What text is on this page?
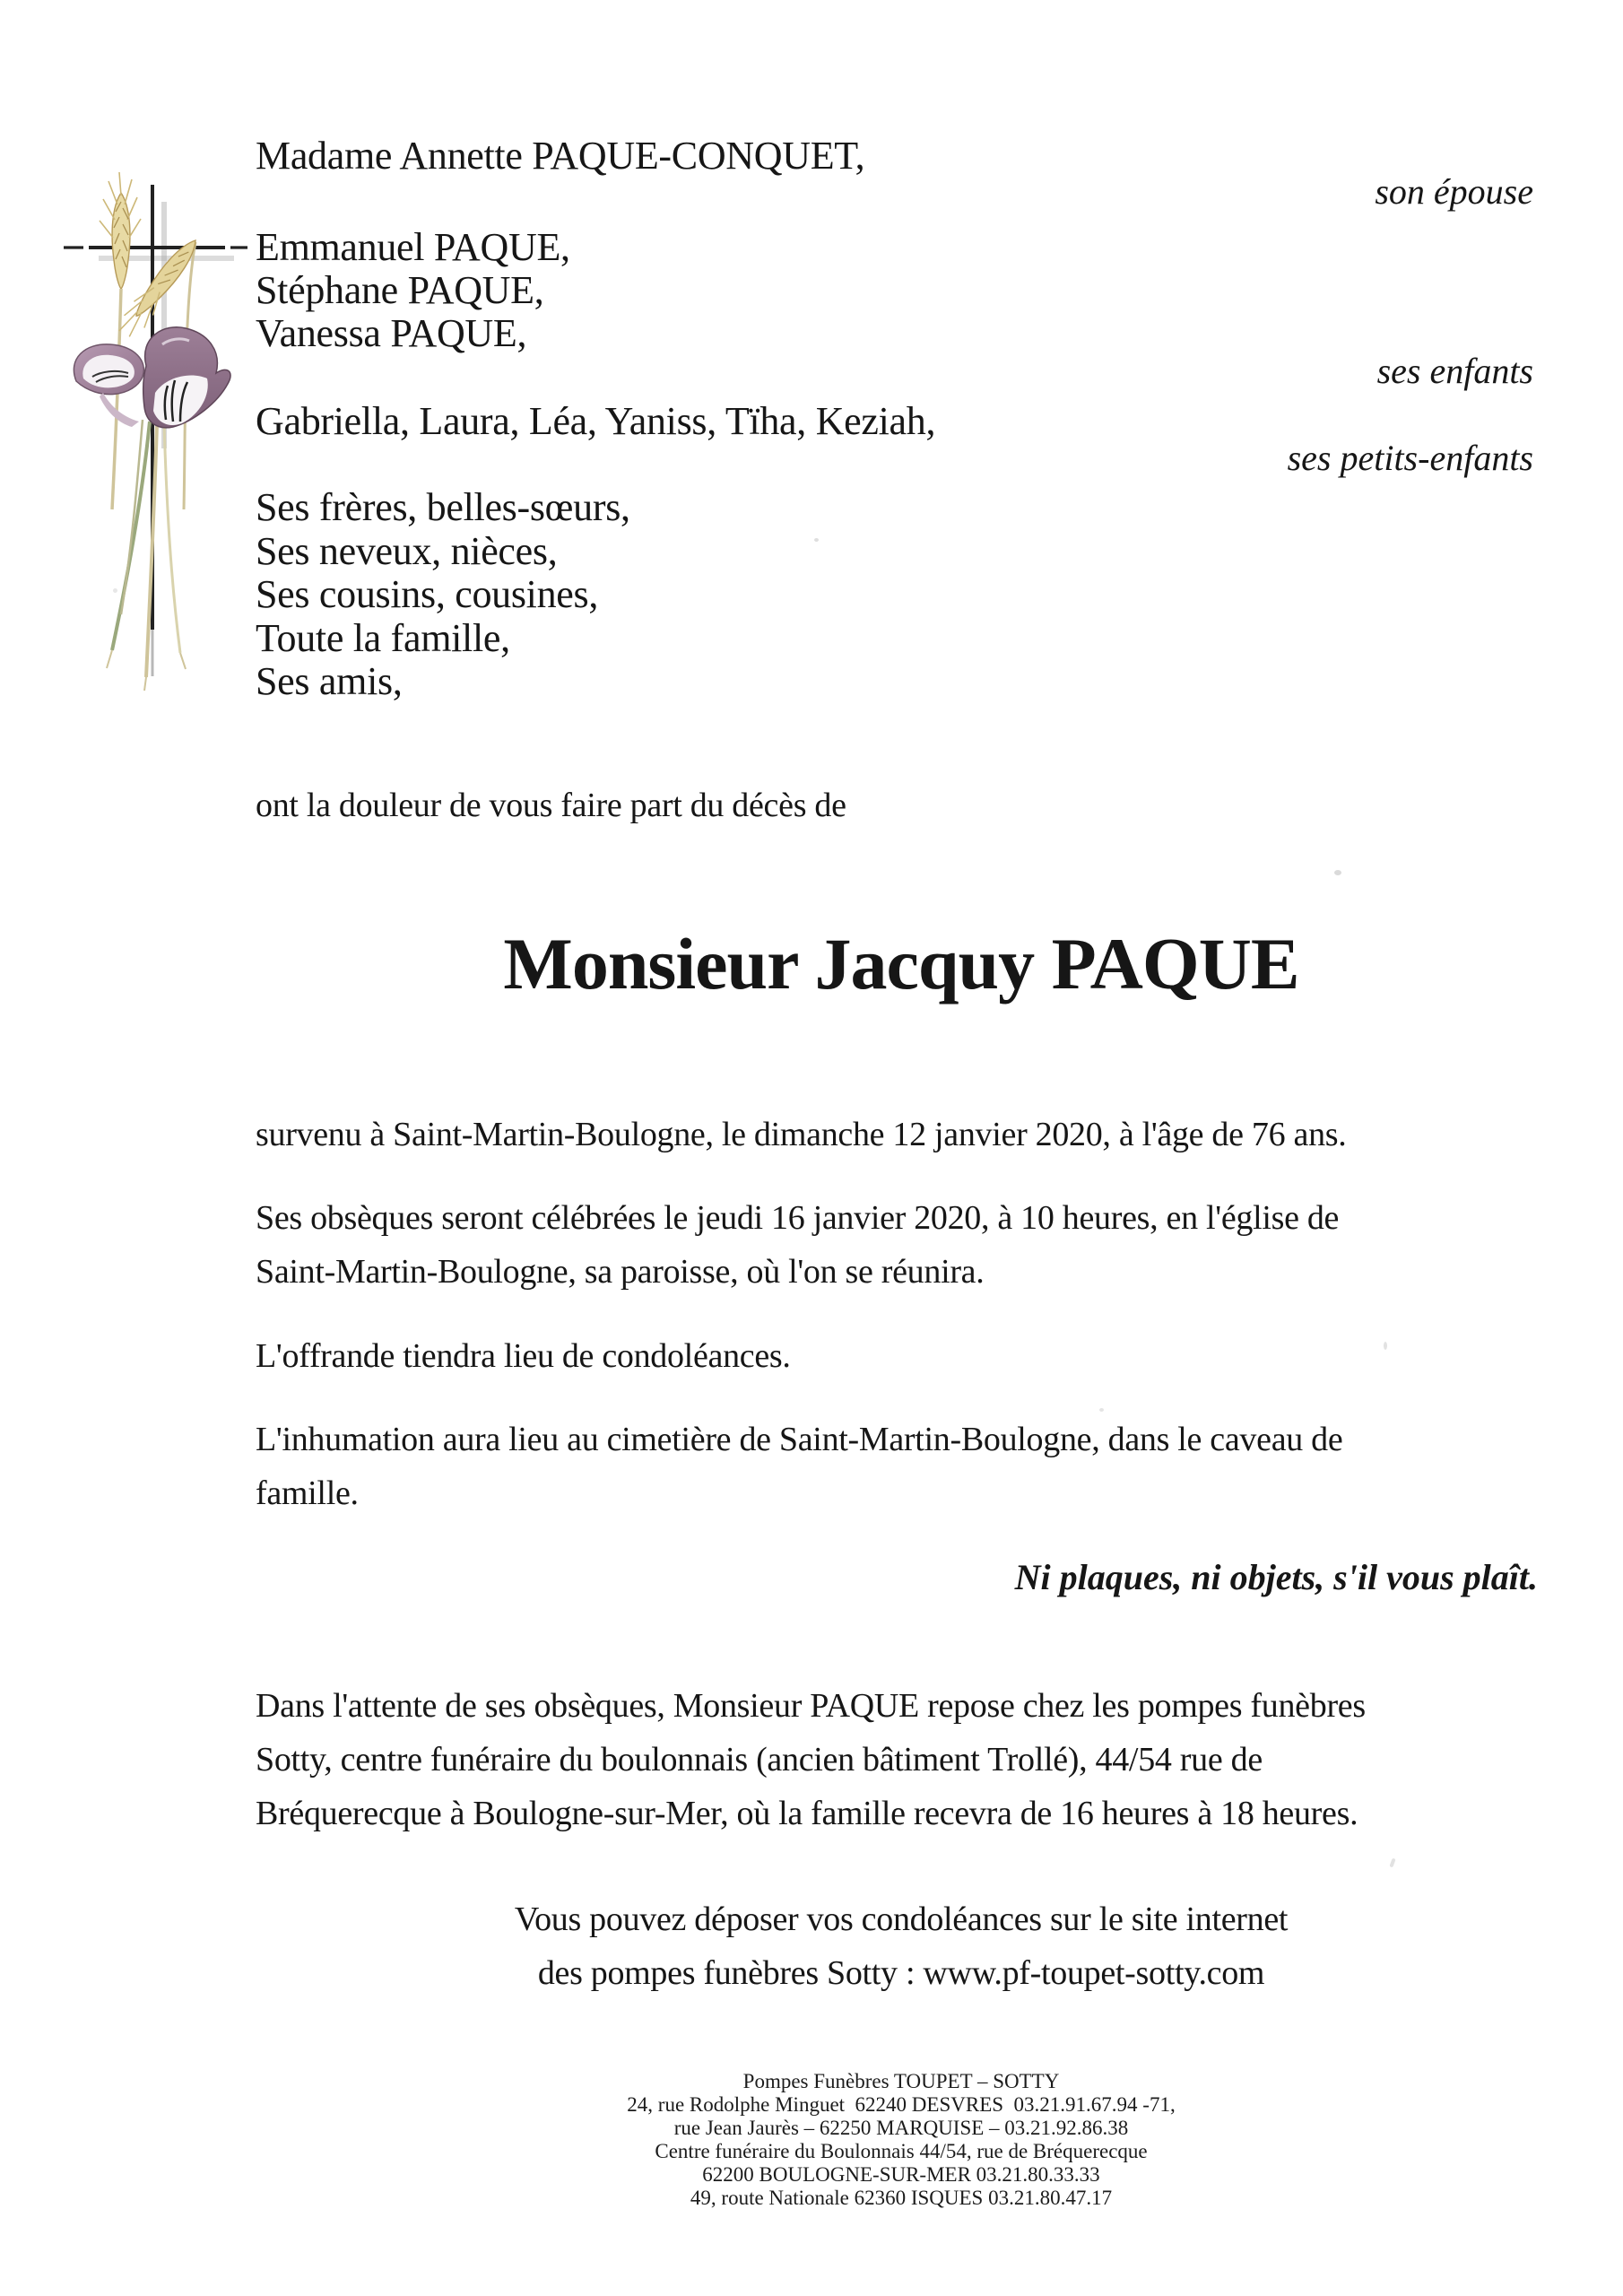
Madame Annette PAQUE-CONQUET,
son épouse
Emmanuel PAQUE,
Stéphane PAQUE,
Vanessa PAQUE,
ses enfants
Gabriella, Laura, Léa, Yaniss, Tïha, Keziah,
ses petits-enfants
Ses frères, belles-sœurs,
Ses neveux, nièces,
Ses cousins, cousines,
Toute la famille,
Ses amis,
ont la douleur de vous faire part du décès de
Monsieur Jacquy PAQUE
survenu à Saint-Martin-Boulogne, le dimanche 12 janvier 2020, à l'âge de 76 ans.
Ses obsèques seront célébrées le jeudi 16 janvier 2020, à 10 heures, en l'église de
Saint-Martin-Boulogne, sa paroisse, où l'on se réunira.
L'offrande tiendra lieu de condoléances.
L'inhumation aura lieu au cimetière de Saint-Martin-Boulogne, dans le caveau de
famille.
Ni plaques, ni objets, s'il vous plaît.
Dans l'attente de ses obsèques, Monsieur PAQUE repose chez les pompes funèbres
Sotty, centre funéraire du boulonnais (ancien bâtiment Trollé), 44/54 rue de
Bréquerecque à Boulogne-sur-Mer, où la famille recevra de 16 heures à 18 heures.
Vous pouvez déposer vos condoléances sur le site internet
des pompes funèbres Sotty : www.pf-toupet-sotty.com
Pompes Funèbres TOUPET – SOTTY
24, rue Rodolphe Minguet  62240 DESVRES  03.21.91.67.94 -71,
rue Jean Jaurès – 62250 MARQUISE – 03.21.92.86.38
Centre funéraire du Boulonnais 44/54, rue de Bréquerecque
62200 BOULOGNE-SUR-MER 03.21.80.33.33
49, route Nationale 62360 ISQUES 03.21.80.47.17
